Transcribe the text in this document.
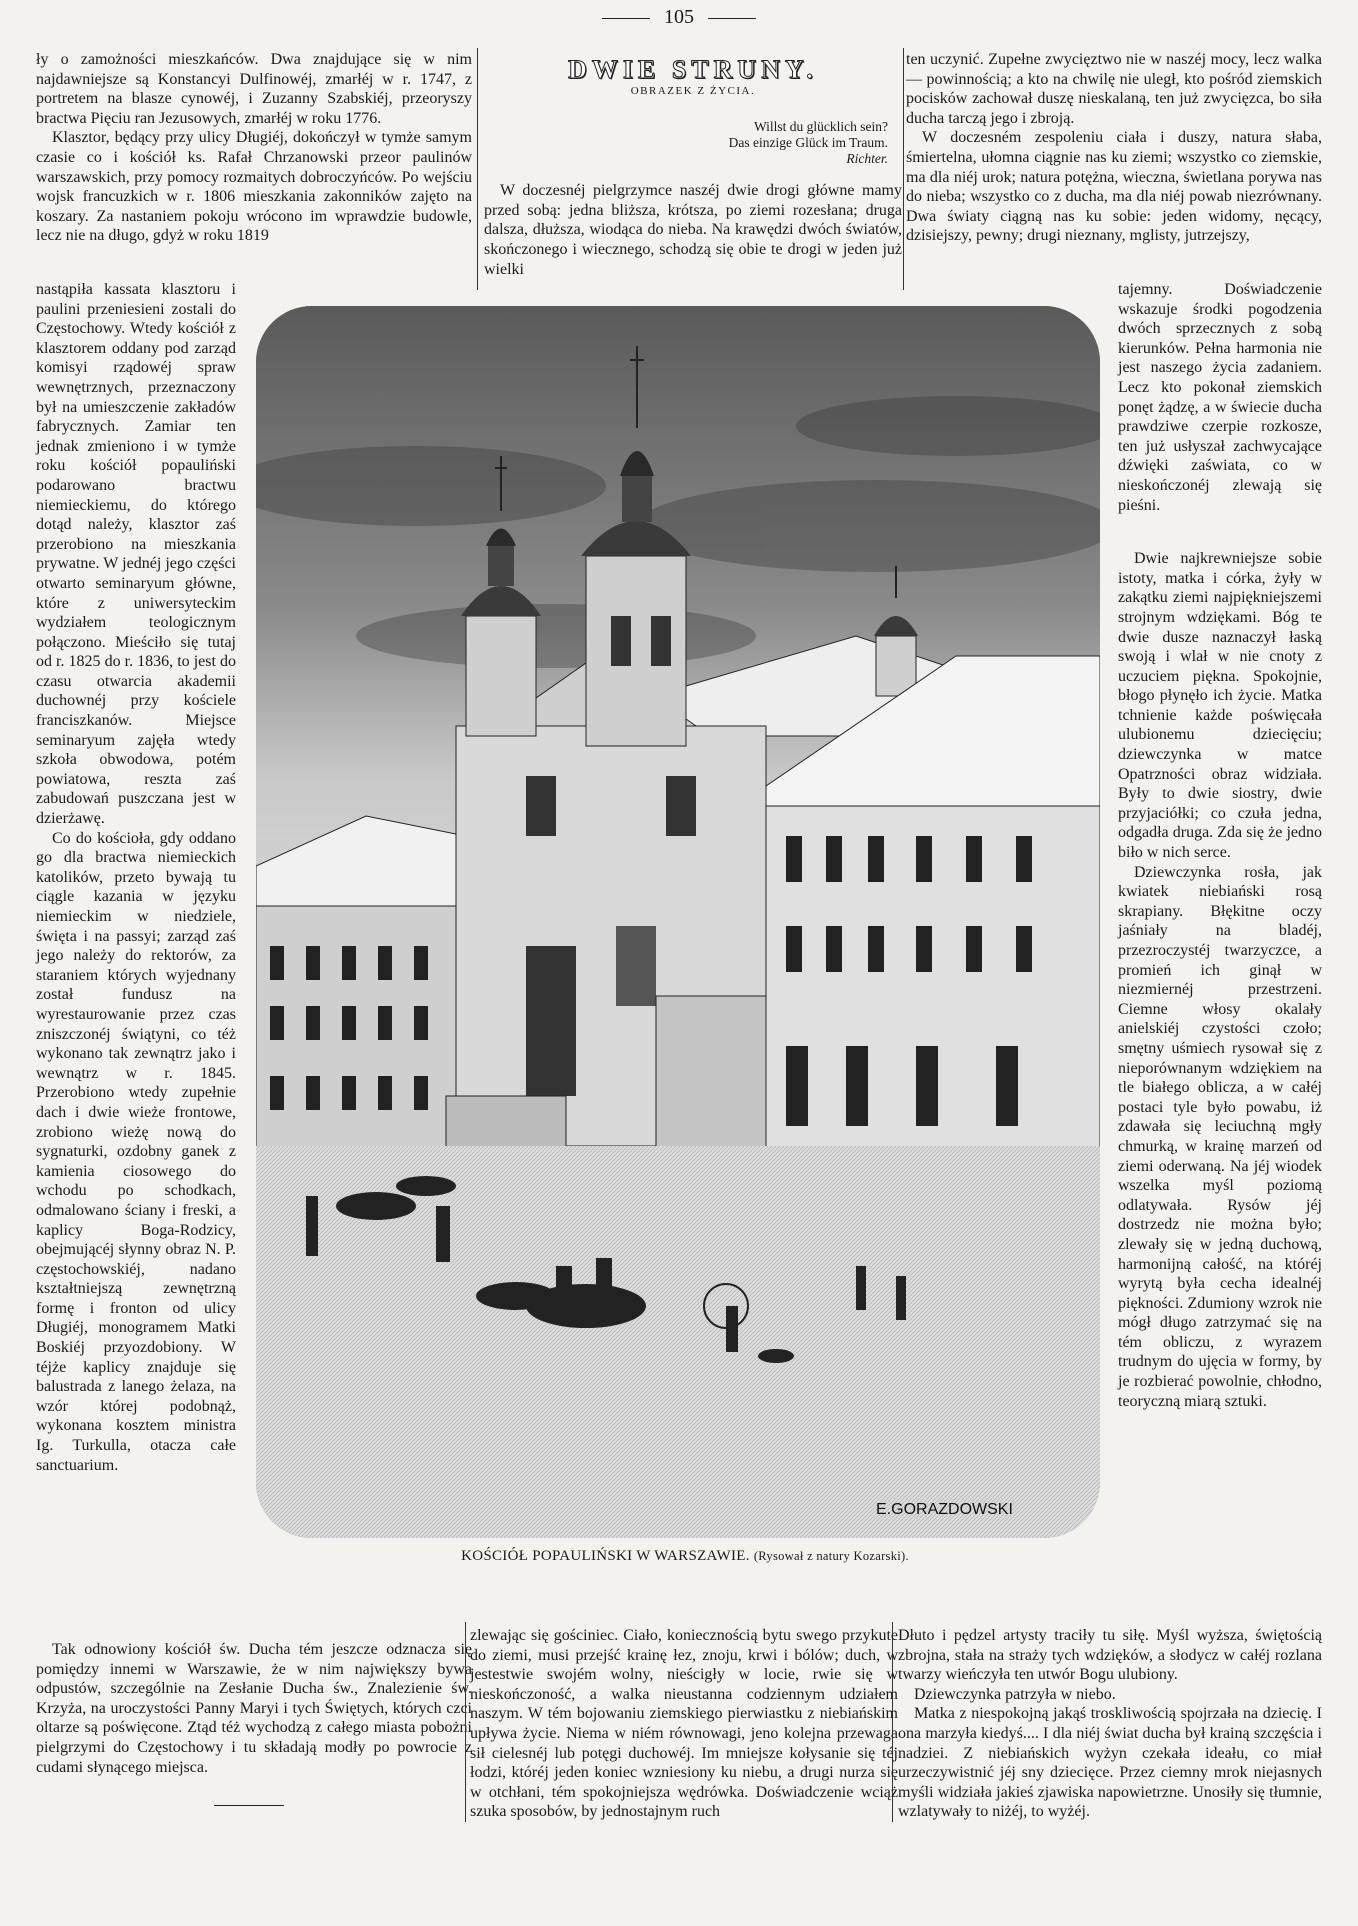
105

ły o zamożności mieszkańców. Dwa znajdujące się w nim najdawniejsze są Konstancyi Dulfinowéj, zmarłéj w r. 1747, z portretem na blasze cynowéj, i Zuzanny Szabskiéj, przeoryszy bractwa Pięciu ran Jezusowych, zmarłéj w roku 1776.

Klasztor, będący przy ulicy Długiéj, dokończył w tymże samym czasie co i kościół ks. Rafał Chrzanowski przeor paulinów warszawskich, przy pomocy rozmaitych dobroczyńców. Po wejściu wojsk francuzkich w r. 1806 mieszkania zakonników zajęto na koszary. Za nastaniem pokoju wrócono im wprawdzie budowle, lecz nie na długo, gdyż w roku 1819

nastąpiła kassata klasztoru i paulini przeniesieni zostali do Częstochowy. Wtedy kościół z klasztorem oddany pod zarząd komisyi rządowéj spraw wewnętrznych, przeznaczony był na umieszczenie zakładów fabrycznych. Zamiar ten jednak zmieniono i w tymże roku kościół popauliński podarowano bractwu niemieckiemu, do którego dotąd należy, klasztor zaś przerobiono na mieszkania prywatne. W jednéj jego części otwarto seminaryum główne, które z uniwersyteckim wydziałem teologicznym połączono. Mieściło się tutaj od r. 1825 do r. 1836, to jest do czasu otwarcia akademii duchownéj przy kościele franciszkanów. Miejsce seminaryum zajęła wtedy szkoła obwodowa, potém powiatowa, reszta zaś zabudowań puszczana jest w dzierżawę.

Co do kościoła, gdy oddano go dla bractwa niemieckich katolików, przeto bywają tu ciągle kazania w języku niemieckim w niedziele, święta i na passyi; zarząd zaś jego należy do rektorów, za staraniem których wyjednany został fundusz na wyrestaurowanie przez czas zniszczonéj świątyni, co téż wykonano tak zewnątrz jako i wewnątrz w r. 1845. Przerobiono wtedy zupełnie dach i dwie wieże frontowe, zrobiono wieżę nową do sygnaturki, ozdobny ganek z kamienia ciosowego do wchodu po schodkach, odmalowano ściany i freski, a kaplicy Boga-Rodzicy, obejmującéj słynny obraz N. P. częstochowskiéj, nadano kształtniejszą zewnętrzną formę i fronton od ulicy Długiéj, monogramem Matki Boskiéj przyozdobiony. W téjże kaplicy znajduje się balustrada z lanego żelaza, na wzór której podobnąż, wykonana kosztem ministra Ig. Turkulla, otacza całe sanctuarium.

Tak odnowiony kościół św. Ducha tém jeszcze odznacza się pomiędzy innemi w Warszawie, że w nim największy bywa odpustów, szczególnie na Zesłanie Ducha św., Znalezienie św. Krzyża, na uroczystości Panny Maryi i tych Świętych, których czci oltarze są poświęcone. Ztąd téż wychodzą z całego miasta pobożni pielgrzymi do Częstochowy i tu składają modły po powrocie z cudami słynącego miejsca.

DWIE STRUNY.
OBRAZEK Z ŻYCIA.
Willst du glücklich sein?
Das einzige Glück im Traum.
Richter.

W doczesnéj pielgrzymce naszéj dwie drogi główne mamy przed sobą: jedna bliższa, krótsza, po ziemi rozesłana; druga dalsza, dłuższa, wiodąca do nieba. Na krawędzi dwóch światów, skończonego i wiecznego, schodzą się obie te drogi w jeden już wielki

zlewając się gościniec. Ciało, koniecznością bytu swego przykute do ziemi, musi przejść krainę łez, znoju, krwi i bólów; duch, w jestestwie swojém wolny, nieścigły w locie, rwie się w nieskończoność, a walka nieustanna codziennym udziałem naszym. W tém bojowaniu ziemskiego pierwiastku z niebiańskim upływa życie. Niema w niém równowagi, jeno kolejna przewaga sił cielesnéj lub potęgi duchowéj. Im mniejsze kołysanie się téj łodzi, któréj jeden koniec wzniesiony ku niebu, a drugi nurza się w otchłani, tém spokojniejsza wędrówka. Doświadczenie wciąż szuka sposobów, by jednostajnym ruch

ten uczynić. Zupełne zwycięztwo nie w naszéj mocy, lecz walka — powinnością; a kto na chwilę nie uległ, kto pośród ziemskich pocisków zachował duszę nieskalaną, ten już zwycięzca, bo siła ducha tarczą jego i zbroją.

W doczesném zespoleniu ciała i duszy, natura słaba, śmiertelna, ułomna ciągnie nas ku ziemi; wszystko co ziemskie, ma dla niéj urok; natura potężna, wieczna, świetlana porywa nas do nieba; wszystko co z ducha, ma dla niéj powab niezrównany. Dwa światy ciągną nas ku sobie: jeden widomy, nęcący, dzisiejszy, pewny; drugi nieznany, mglisty, jutrzejszy,

tajemny. Doświadczenie wskazuje środki pogodzenia dwóch sprzecznych z sobą kierunków. Pełna harmonia nie jest naszego życia zadaniem. Lecz kto pokonał ziemskich ponęt żądzę, a w świecie ducha prawdziwe czerpie rozkosze, ten już usłyszał zachwycające dźwięki zaświata, co w nieskończonéj zlewają się pieśni.

Dwie najkrewniejsze sobie istoty, matka i córka, żyły w zakątku ziemi najpiękniejszemi strojnym wdziękami. Bóg te dwie dusze naznaczył łaską swoją i wlał w nie cnoty z uczuciem piękna. Spokojnie, błogo płynęło ich życie. Matka tchnienie każde poświęcała ulubionemu dziecięciu; dziewczynka w matce Opatrzności obraz widziała. Były to dwie siostry, dwie przyjaciółki; co czuła jedna, odgadła druga. Zda się że jedno biło w nich serce.

Dziewczynka rosła, jak kwiatek niebiański rosą skrapiany. Błękitne oczy jaśniały na bladéj, przezroczystéj twarzyczce, a promień ich ginął w niezmiernéj przestrzeni. Ciemne włosy okalały anielskiéj czystości czoło; smętny uśmiech rysował się z nieporównanym wdziękiem na tle białego oblicza, a w całéj postaci tyle było powabu, iż zdawała się leciuchną mgły chmurką, w krainę marzeń od ziemi oderwaną. Na jéj wiodek wszelka myśl poziomą odlatywała. Rysów jéj dostrzedz nie można było; zlewały się w jedną duchową, harmonijną całość, na któréj wyrytą była cecha idealnéj piękności. Zdumiony wzrok nie mógł długo zatrzymać się na tém obliczu, z wyrazem trudnym do ujęcia w formy, by je rozbierać powolnie, chłodno, teoryczną miarą sztuki.

Dłuto i pędzel artysty traciły tu siłę. Myśl wyższa, świętością zbrojna, stała na straży tych wdzięków, a słodycz w całéj rozlana twarzy wieńczyła ten utwór Bogu ulubiony.

Dziewczynka patrzyła w niebo.

Matka z niespokojną jakąś troskliwością spojrzała na dziecię. I ona marzyła kiedyś.... I dla niéj świat ducha był krainą szczęścia i nadziei. Z niebiańskich wyżyn czekała ideału, co miał urzeczywistnić jéj sny dziecięce. Przez ciemny mrok niejasnych myśli widziała jakieś zjawiska napowietrzne. Unosiły się tłumnie, wzlatywały to niżéj, to wyżéj.

E.GORAZDOWSKI
KOŚCIÓŁ POPAULIŃSKI W WARSZAWIE. (Rysował z natury Kozarski).
